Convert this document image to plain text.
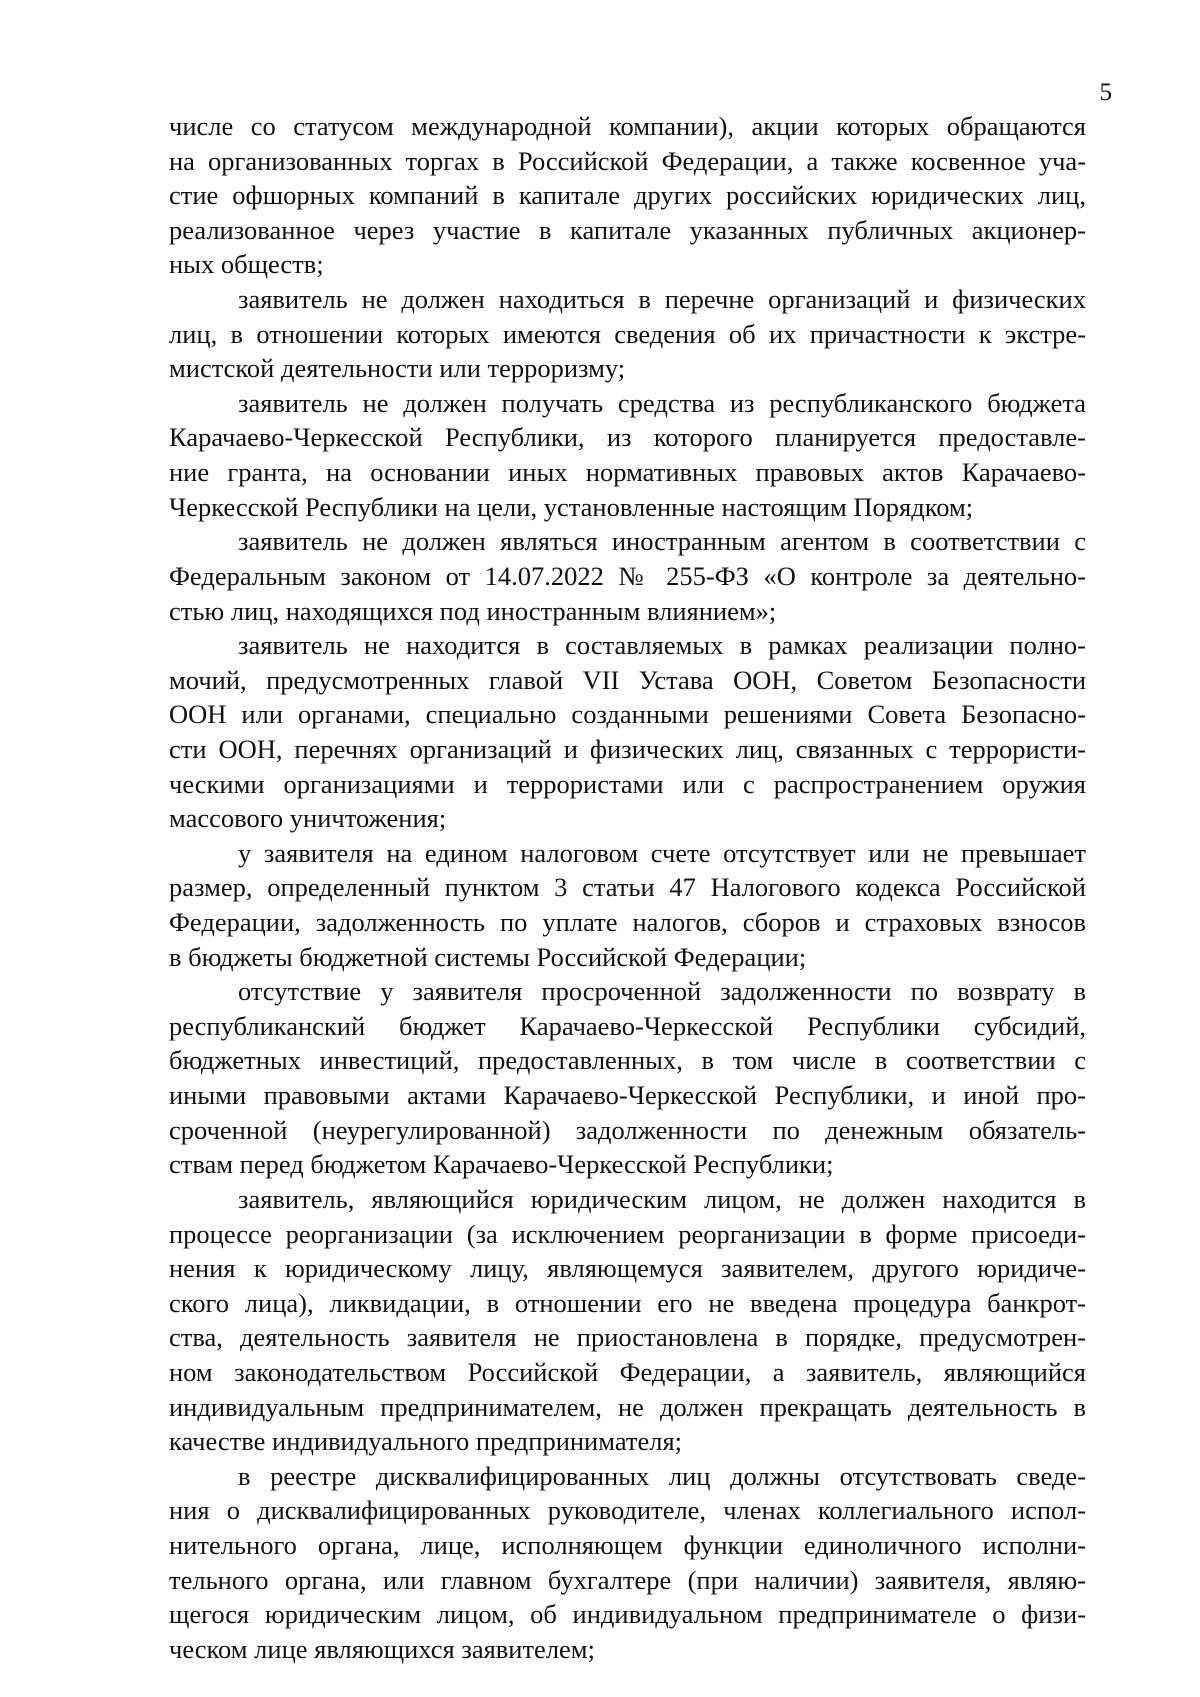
5
числе со статусом международной компании), акции которых обращаются
на организованных торгах в Российской Федерации, а также косвенное уча-
стие офшорных компаний в капитале других российских юридических лиц,
реализованное через участие в капитале указанных публичных акционер-
ных обществ;
заявитель не должен находиться в перечне организаций и физических
лиц, в отношении которых имеются сведения об их причастности к экстре-
мистской деятельности или терроризму;
заявитель не должен получать средства из республиканского бюджета
Карачаево-Черкесской Республики, из которого планируется предоставле-
ние гранта, на основании иных нормативных правовых актов Карачаево-
Черкесской Республики на цели, установленные настоящим Порядком;
заявитель не должен являться иностранным агентом в соответствии с
Федеральным законом от 14.07.2022 № 255-ФЗ «О контроле за деятельно-
стью лиц, находящихся под иностранным влиянием»;
заявитель не находится в составляемых в рамках реализации полно-
мочий, предусмотренных главой VII Устава ООН, Советом Безопасности
ООН или органами, специально созданными решениями Совета Безопасно-
сти ООН, перечнях организаций и физических лиц, связанных с террористи-
ческими организациями и террористами или с распространением оружия
массового уничтожения;
у заявителя на едином налоговом счете отсутствует или не превышает
размер, определенный пунктом 3 статьи 47 Налогового кодекса Российской
Федерации, задолженность по уплате налогов, сборов и страховых взносов
в бюджеты бюджетной системы Российской Федерации;
отсутствие у заявителя просроченной задолженности по возврату в
республиканский бюджет Карачаево-Черкесской Республики субсидий,
бюджетных инвестиций, предоставленных, в том числе в соответствии с
иными правовыми актами Карачаево-Черкесской Республики, и иной про-
сроченной (неурегулированной) задолженности по денежным обязатель-
ствам перед бюджетом Карачаево-Черкесской Республики;
заявитель, являющийся юридическим лицом, не должен находится в
процессе реорганизации (за исключением реорганизации в форме присоеди-
нения к юридическому лицу, являющемуся заявителем, другого юридиче-
ского лица), ликвидации, в отношении его не введена процедура банкрот-
ства, деятельность заявителя не приостановлена в порядке, предусмотрен-
ном законодательством Российской Федерации, а заявитель, являющийся
индивидуальным предпринимателем, не должен прекращать деятельность в
качестве индивидуального предпринимателя;
в реестре дисквалифицированных лиц должны отсутствовать сведе-
ния о дисквалифицированных руководителе, членах коллегиального испол-
нительного органа, лице, исполняющем функции единоличного исполни-
тельного органа, или главном бухгалтере (при наличии) заявителя, являю-
щегося юридическим лицом, об индивидуальном предпринимателе о физи-
ческом лице являющихся заявителем;
